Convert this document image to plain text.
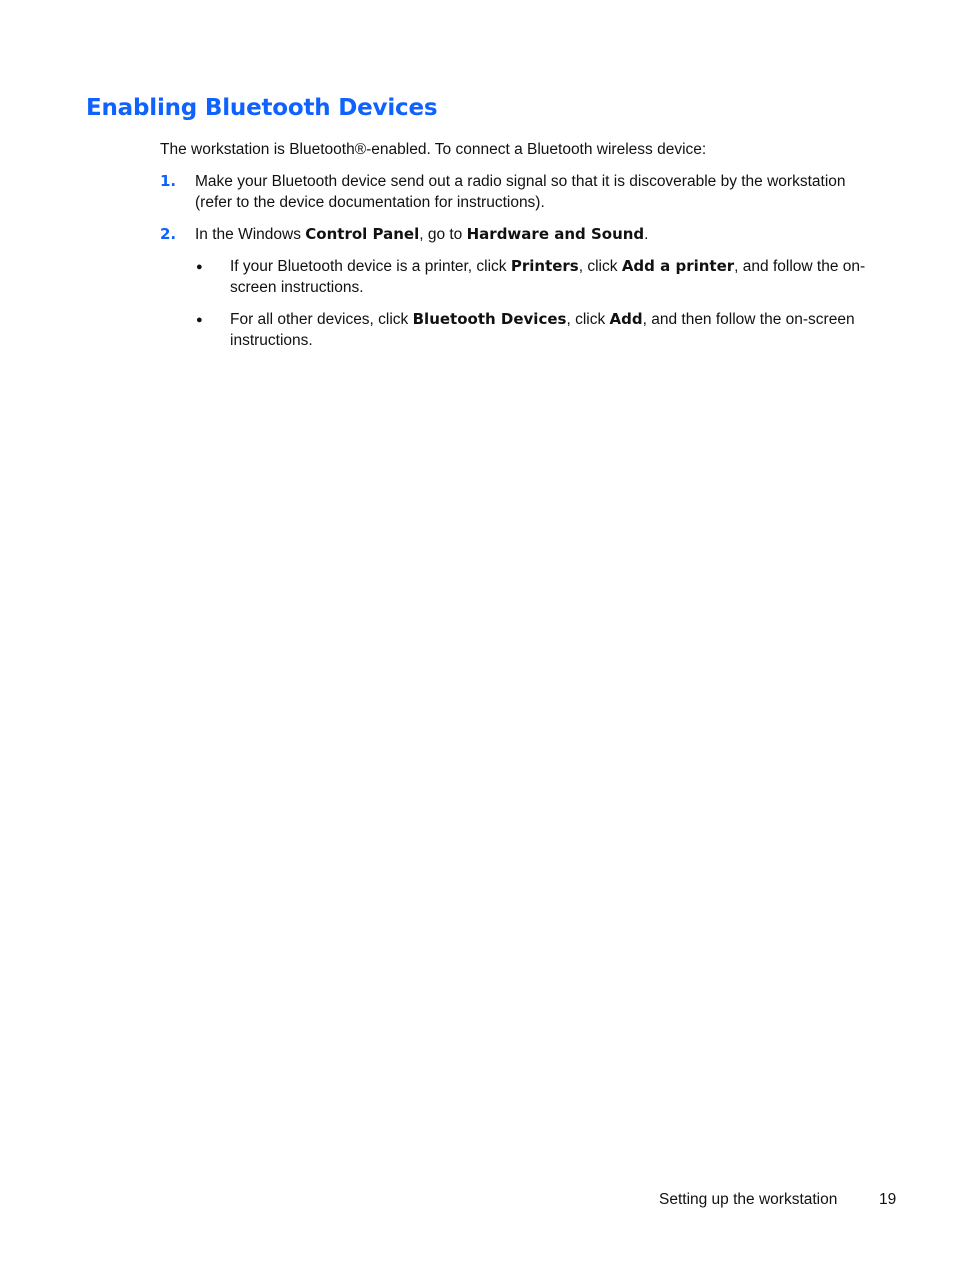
Enabling Bluetooth Devices

The workstation is Bluetooth®-enabled. To connect a Bluetooth wireless device:

1. Make your Bluetooth device send out a radio signal so that it is discoverable by the workstation (refer to the device documentation for instructions).
2. In the Windows Control Panel, go to Hardware and Sound.
● If your Bluetooth device is a printer, click Printers, click Add a printer, and follow the on-screen instructions.
● For all other devices, click Bluetooth Devices, click Add, and then follow the on-screen instructions.
Setting up the workstation	19
